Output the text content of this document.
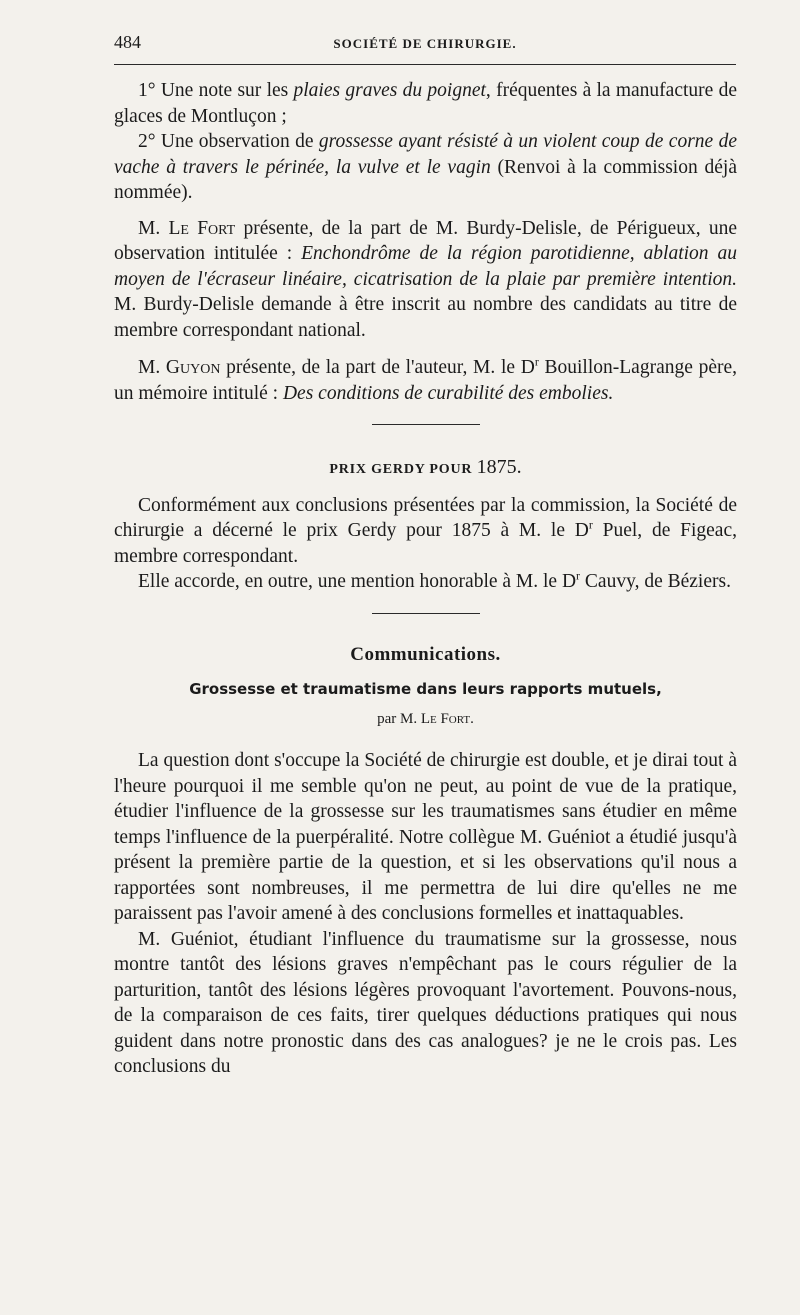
484	SOCIÉTÉ DE CHIRURGIE.

1° Une note sur les plaies graves du poignet, fréquentes à la manufacture de glaces de Montluçon ;

2° Une observation de grossesse ayant résisté à un violent coup de corne de vache à travers le périnée, la vulve et le vagin (Renvoi à la commission déjà nommée).

M. Le Fort présente, de la part de M. Burdy-Delisle, de Périgueux, une observation intitulée : Enchondrôme de la région parotidienne, ablation au moyen de l'écraseur linéaire, cicatrisation de la plaie par première intention. M. Burdy-Delisle demande à être inscrit au nombre des candidats au titre de membre correspondant national.

M. Guyon présente, de la part de l'auteur, M. le $D^r$ Bouillon-Lagrange père, un mémoire intitulé : Des conditions de curabilité des embolies.

PRIX GERDY POUR 1875.

Conformément aux conclusions présentées par la commission, la Société de chirurgie a décerné le prix Gerdy pour 1875 à M. le $D^r$ Puel, de Figeac, membre correspondant.

Elle accorde, en outre, une mention honorable à M. le $D^r$ Cauvy, de Béziers.

Communications.
Grossesse et traumatisme dans leurs rapports mutuels,
par M. Le Fort.

La question dont s'occupe la Société de chirurgie est double, et je dirai tout à l'heure pourquoi il me semble qu'on ne peut, au point de vue de la pratique, étudier l'influence de la grossesse sur les traumatismes sans étudier en même temps l'influence de la puerpéralité. Notre collègue M. Guéniot a étudié jusqu'à présent la première partie de la question, et si les observations qu'il nous a rapportées sont nombreuses, il me permettra de lui dire qu'elles ne me paraissent pas l'avoir amené à des conclusions formelles et inattaquables.

M. Guéniot, étudiant l'influence du traumatisme sur la grossesse, nous montre tantôt des lésions graves n'empêchant pas le cours régulier de la parturition, tantôt des lésions légères provoquant l'avortement. Pouvons-nous, de la comparaison de ces faits, tirer quelques déductions pratiques qui nous guident dans notre pronostic dans des cas analogues? je ne le crois pas. Les conclusions du
